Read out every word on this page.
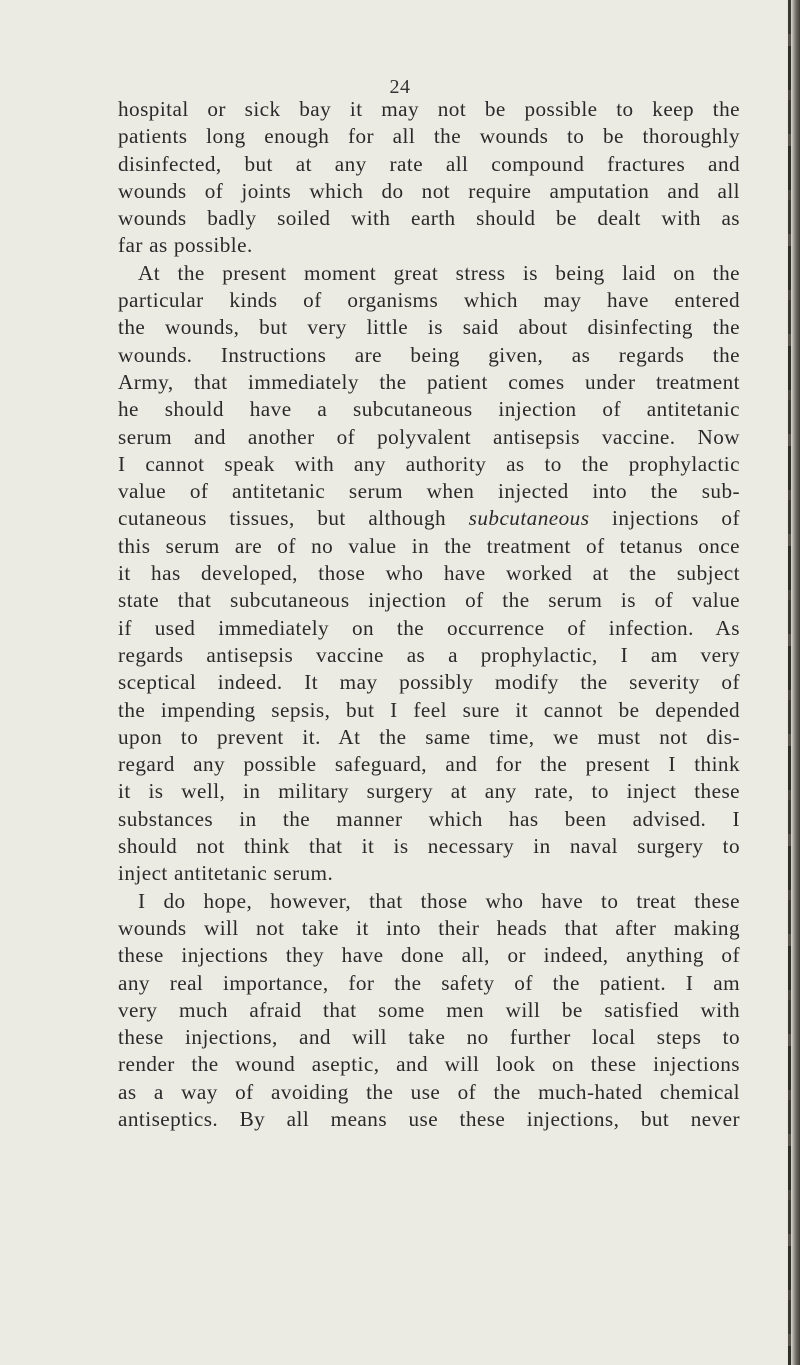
24
hospital or sick bay it may not be possible to keep the
patients long enough for all the wounds to be thoroughly
disinfected, but at any rate all compound fractures and
wounds of joints which do not require amputation and all
wounds badly soiled with earth should be dealt with as
far as possible.
At the present moment great stress is being laid on the
particular kinds of organisms which may have entered
the wounds, but very little is said about disinfecting the
wounds. Instructions are being given, as regards the
Army, that immediately the patient comes under treatment
he should have a subcutaneous injection of antitetanic
serum and another of polyvalent antisepsis vaccine. Now
I cannot speak with any authority as to the prophylactic
value of antitetanic serum when injected into the sub-
cutaneous tissues, but although subcutaneous injections of
this serum are of no value in the treatment of tetanus once
it has developed, those who have worked at the subject
state that subcutaneous injection of the serum is of value
if used immediately on the occurrence of infection. As
regards antisepsis vaccine as a prophylactic, I am very
sceptical indeed. It may possibly modify the severity of
the impending sepsis, but I feel sure it cannot be depended
upon to prevent it. At the same time, we must not dis-
regard any possible safeguard, and for the present I think
it is well, in military surgery at any rate, to inject these
substances in the manner which has been advised. I
should not think that it is necessary in naval surgery to
inject antitetanic serum.
I do hope, however, that those who have to treat these
wounds will not take it into their heads that after making
these injections they have done all, or indeed, anything of
any real importance, for the safety of the patient. I am
very much afraid that some men will be satisfied with
these injections, and will take no further local steps to
render the wound aseptic, and will look on these injections
as a way of avoiding the use of the much-hated chemical
antiseptics. By all means use these injections, but never
